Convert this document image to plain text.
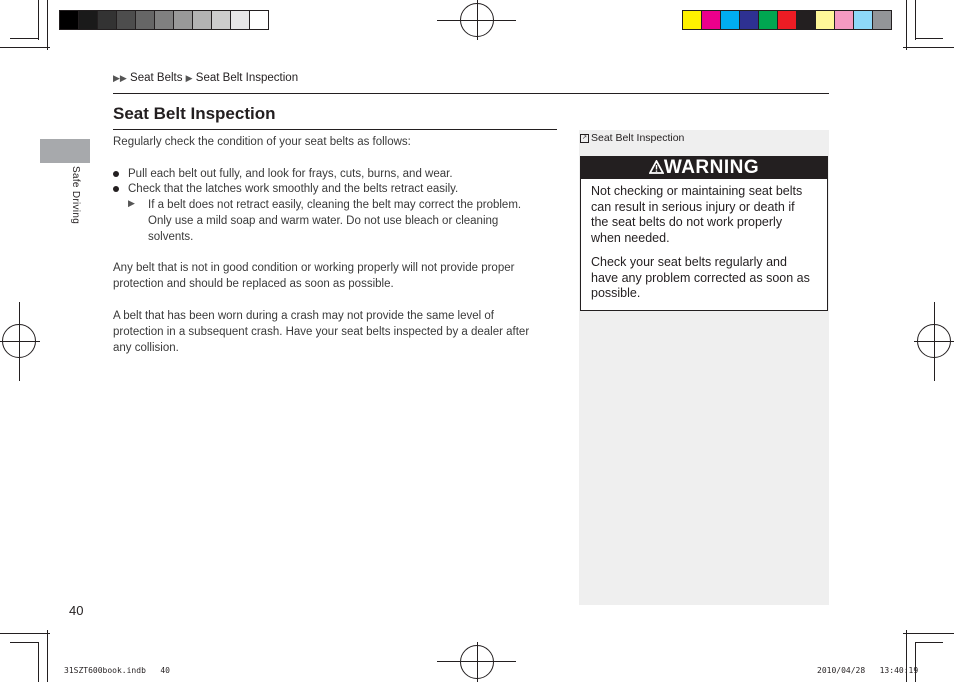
▶▶ Seat Belts ▶ Seat Belt Inspection
Safe Driving
Seat Belt Inspection
Regularly check the condition of your seat belts as follows:
Pull each belt out fully, and look for frays, cuts, burns, and wear.
Check that the latches work smoothly and the belts retract easily.
▶ If a belt does not retract easily, cleaning the belt may correct the problem.
Only use a mild soap and warm water. Do not use bleach or cleaning
solvents.
Any belt that is not in good condition or working properly will not provide proper
protection and should be replaced as soon as possible.
A belt that has been worn during a crash may not provide the same level of
protection in a subsequent crash. Have your seat belts inspected by a dealer after
any collision.
↗ Seat Belt Inspection
WARNING
Not checking or maintaining seat belts
can result in serious injury or death if
the seat belts do not work properly
when needed.
Check your seat belts regularly and
have any problem corrected as soon as
possible.
40
31SZT600book.indb   40	2010/04/28   13:40:19
